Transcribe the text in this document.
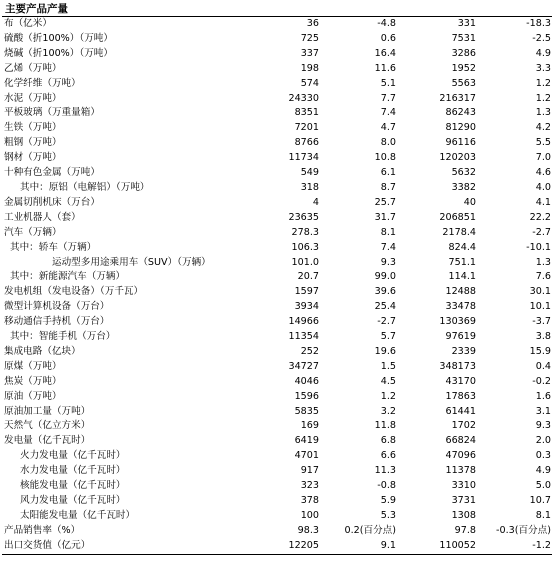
主要产品产量
布（亿米）	36	-4.8	331	-18.3
硫酸（折100%）（万吨）	725	0.6	7531	-2.5
烧碱（折100%）（万吨）	337	16.4	3286	4.9
乙烯（万吨）	198	11.6	1952	3.3
化学纤维（万吨）	574	5.1	5563	1.2
水泥（万吨）	24330	7.7	216317	1.2
平板玻璃（万重量箱）	8351	7.4	86243	1.3
生铁（万吨）	7201	4.7	81290	4.2
粗钢（万吨）	8766	8.0	96116	5.5
钢材（万吨）	11734	10.8	120203	7.0
十种有色金属（万吨）	549	6.1	5632	4.6
其中：原铝（电解铝）（万吨）	318	8.7	3382	4.0
金属切削机床（万台）	4	25.7	40	4.1
工业机器人（套）	23635	31.7	206851	22.2
汽车（万辆）	278.3	8.1	2178.4	-2.7
其中：轿车（万辆）	106.3	7.4	824.4	-10.1
运动型多用途乘用车（SUV）（万辆）	101.0	9.3	751.1	1.3
其中：新能源汽车（万辆）	20.7	99.0	114.1	7.6
发电机组（发电设备）（万千瓦）	1597	39.6	12488	30.1
微型计算机设备（万台）	3934	25.4	33478	10.1
移动通信手持机（万台）	14966	-2.7	130369	-3.7
其中：智能手机（万台）	11354	5.7	97619	3.8
集成电路（亿块）	252	19.6	2339	15.9
原煤（万吨）	34727	1.5	348173	0.4
焦炭（万吨）	4046	4.5	43170	-0.2
原油（万吨）	1596	1.2	17863	1.6
原油加工量（万吨）	5835	3.2	61441	3.1
天然气（亿立方米）	169	11.8	1702	9.3
发电量（亿千瓦时）	6419	6.8	66824	2.0
火力发电量（亿千瓦时）	4701	6.6	47096	0.3
水力发电量（亿千瓦时）	917	11.3	11378	4.9
核能发电量（亿千瓦时）	323	-0.8	3310	5.0
风力发电量（亿千瓦时）	378	5.9	3731	10.7
太阳能发电量（亿千瓦时）	100	5.3	1308	8.1
产品销售率（%）	98.3	0.2(百分点)	97.8	-0.3(百分点)
出口交货值（亿元）	12205	9.1	110052	-1.2
